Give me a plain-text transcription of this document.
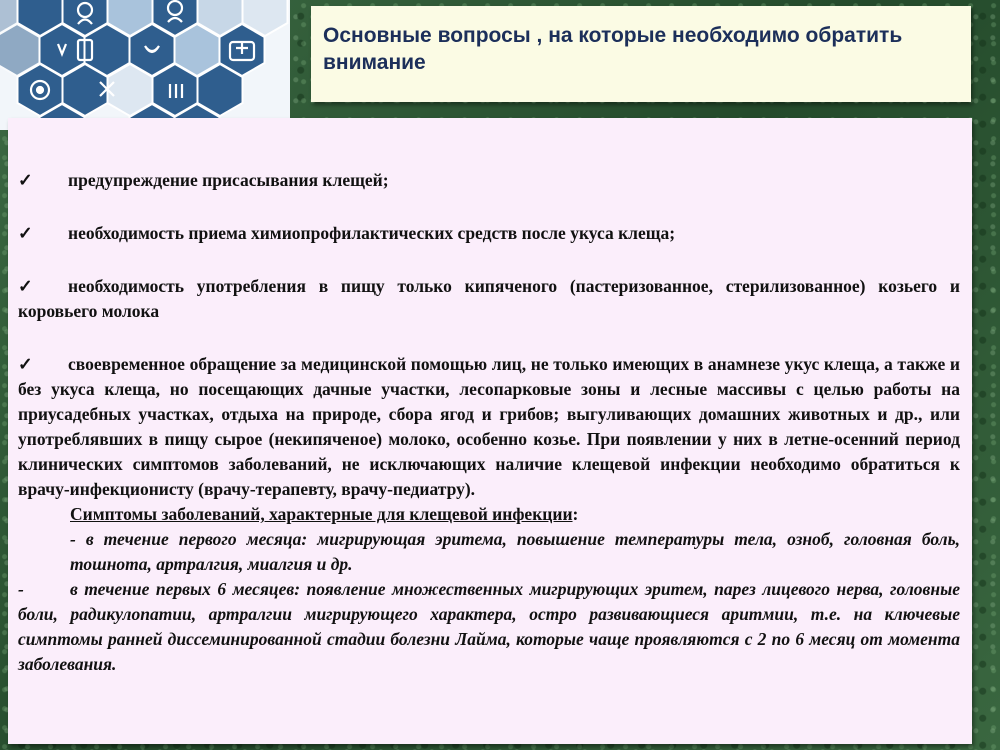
Основные вопросы , на которые необходимо обратить внимание
✓ предупреждение присасывания клещей;
✓ необходимость приема химиопрофилактических средств после укуса клеща;
✓ необходимость употребления в пищу только кипяченого (пастеризованное, стерилизованное) козьего и коровьего молока
✓ своевременное обращение за медицинской помощью лиц, не только имеющих в анамнезе укус клеща, а также и без укуса клеща, но посещающих дачные участки, лесопарковые зоны и лесные массивы с целью работы на приусадебных участках, отдыха на природе, сбора ягод и грибов; выгуливающих домашних животных и др., или употреблявших в пищу сырое (некипяченое) молоко, особенно козье. При появлении у них в летне-осенний период клинических симптомов заболеваний, не исключающих наличие клещевой инфекции необходимо обратиться к врачу-инфекционисту (врачу-терапевту, врачу-педиатру).
Симптомы заболеваний, характерные для клещевой инфекции:
- в течение первого месяца: мигрирующая эритема, повышение температуры тела, озноб, головная боль, тошнота, артралгия, миалгия и др.
-	в течение первых 6 месяцев: появление множественных мигрирующих эритем, парез лицевого нерва, головные боли, радикулопатии, артралгии мигрирующего характера, остро развивающиеся аритмии, т.е. на ключевые симптомы ранней диссеминированной стадии болезни Лайма, которые чаще проявляются с 2 по 6 месяц от момента заболевания.
